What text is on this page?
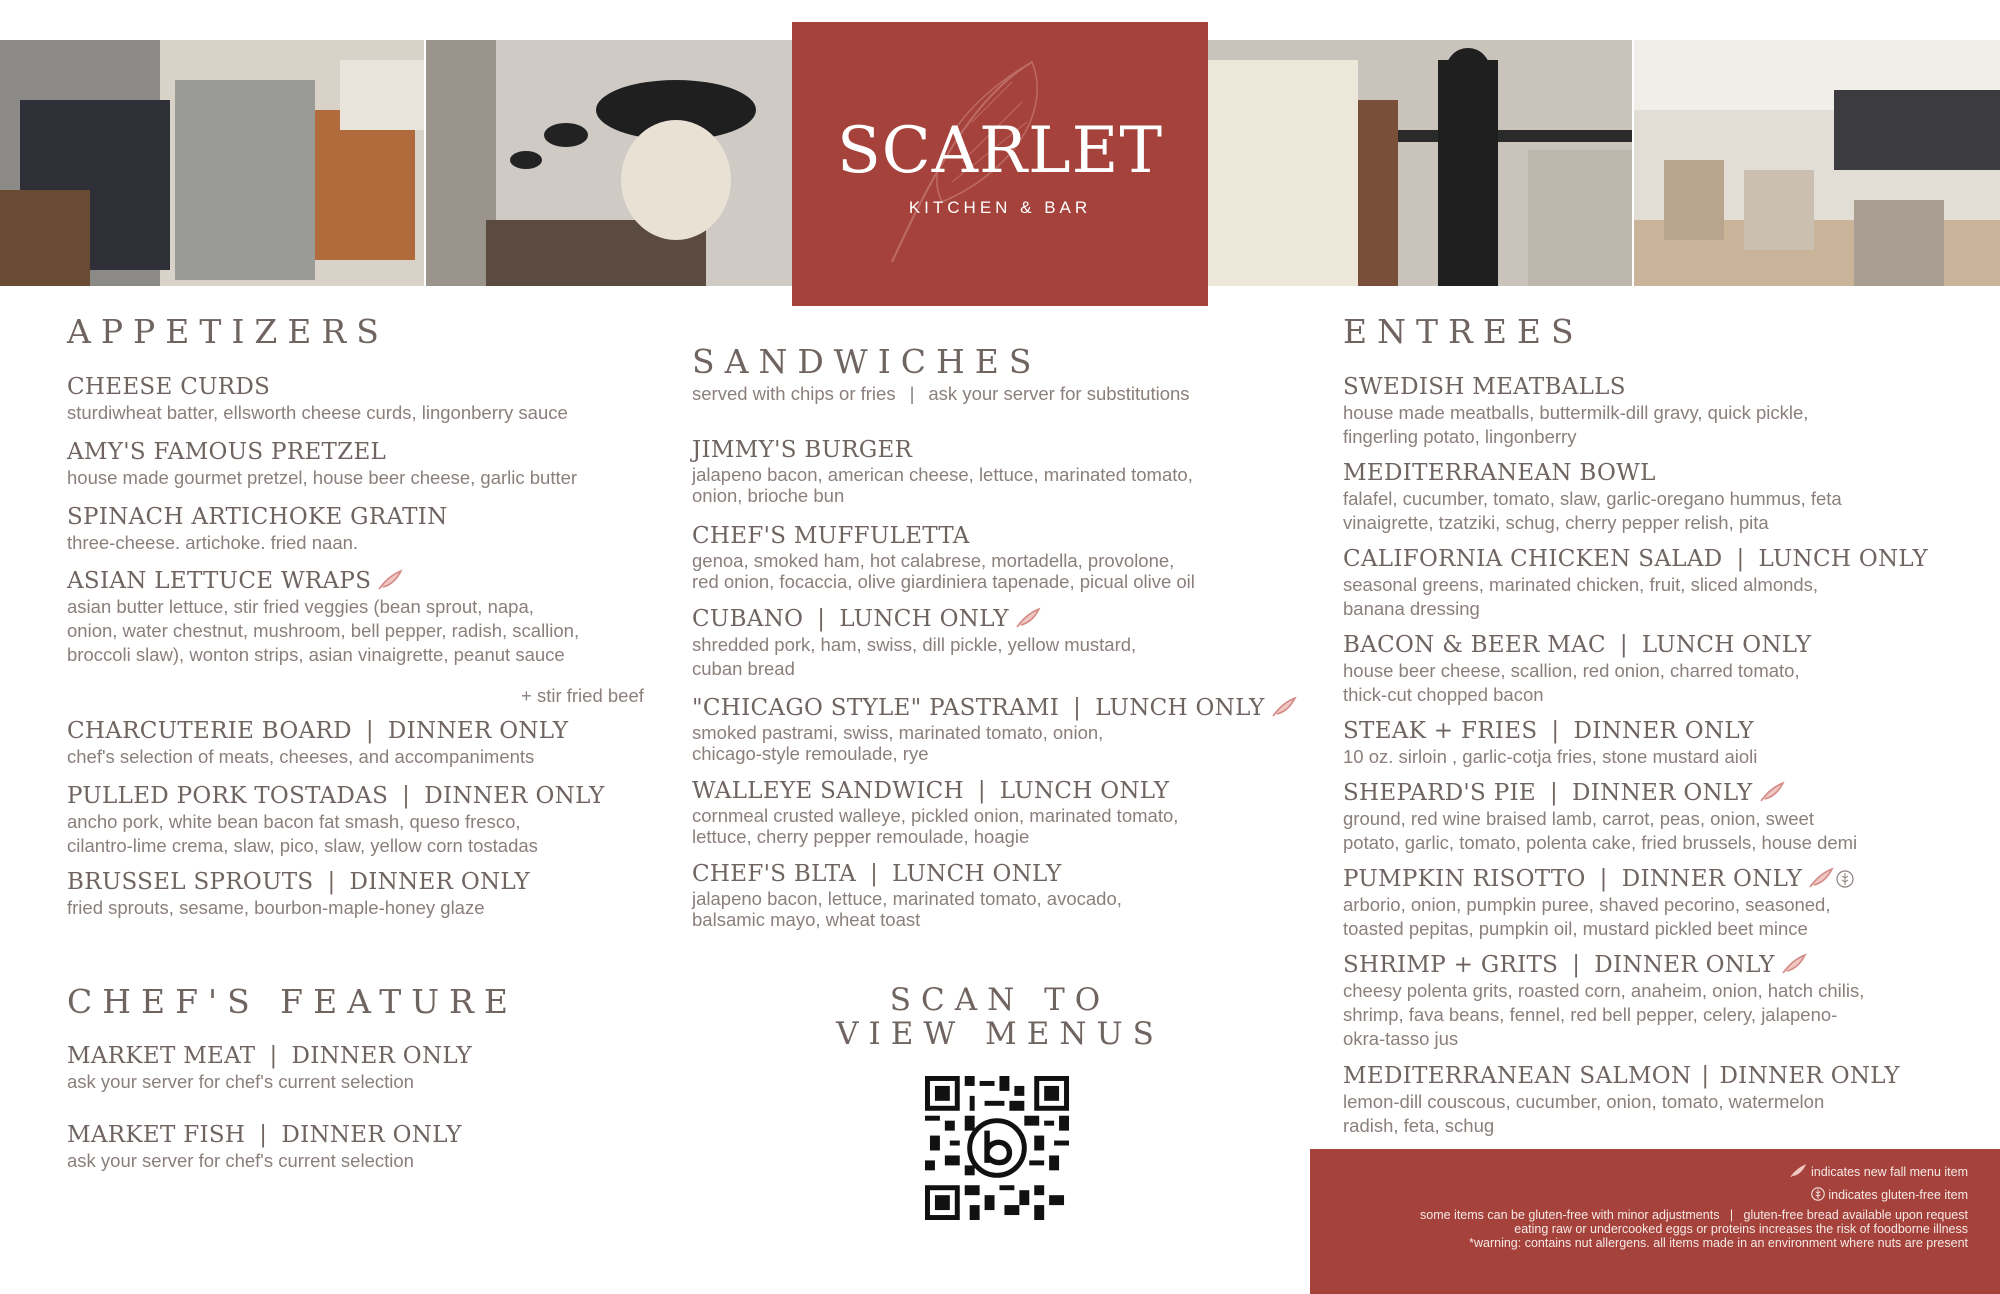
SCARLET
KITCHEN & BAR
APPETIZERS
SANDWICHES
ENTREES
CHEF'S FEATURE
served with chips or fries | ask your server for substitutions
CHEESE CURDS
sturdiwheat batter, ellsworth cheese curds, lingonberry sauce
AMY'S FAMOUS PRETZEL
house made gourmet pretzel, house beer cheese, garlic butter
SPINACH ARTICHOKE GRATIN
three-cheese. artichoke. fried naan.
ASIAN LETTUCE WRAPS
asian butter lettuce, stir fried veggies (bean sprout, napa,
onion, water chestnut, mushroom, bell pepper, radish, scallion,
broccoli slaw), wonton strips, asian vinaigrette, peanut sauce
+ stir fried beef
CHARCUTERIE BOARD | DINNER ONLY
chef's selection of meats, cheeses, and accompaniments
PULLED PORK TOSTADAS | DINNER ONLY
ancho pork, white bean bacon fat smash, queso fresco,
cilantro-lime crema, slaw, pico, slaw, yellow corn tostadas
BRUSSEL SPROUTS | DINNER ONLY
fried sprouts, sesame, bourbon-maple-honey glaze
MARKET MEAT | DINNER ONLY
ask your server for chef's current selection
MARKET FISH | DINNER ONLY
ask your server for chef's current selection
JIMMY'S BURGER
jalapeno bacon, american cheese, lettuce, marinated tomato,
onion, brioche bun
CHEF'S MUFFULETTA
genoa, smoked ham, hot calabrese, mortadella, provolone,
red onion, focaccia, olive giardiniera tapenade, picual olive oil
CUBANO | LUNCH ONLY
shredded pork, ham, swiss, dill pickle, yellow mustard,
cuban bread
"CHICAGO STYLE" PASTRAMI | LUNCH ONLY
smoked pastrami, swiss, marinated tomato, onion,
chicago-style remoulade, rye
WALLEYE SANDWICH | LUNCH ONLY
cornmeal crusted walleye, pickled onion, marinated tomato,
lettuce, cherry pepper remoulade, hoagie
CHEF'S BLTA | LUNCH ONLY
jalapeno bacon, lettuce, marinated tomato, avocado,
balsamic mayo, wheat toast
SCAN TO
VIEW MENUS
SWEDISH MEATBALLS
house made meatballs, buttermilk-dill gravy, quick pickle,
fingerling potato, lingonberry
MEDITERRANEAN BOWL
falafel, cucumber, tomato, slaw, garlic-oregano hummus, feta
vinaigrette, tzatziki, schug, cherry pepper relish, pita
CALIFORNIA CHICKEN SALAD | LUNCH ONLY
seasonal greens, marinated chicken, fruit, sliced almonds,
banana dressing
BACON & BEER MAC | LUNCH ONLY
house beer cheese, scallion, red onion, charred tomato,
thick-cut chopped bacon
STEAK + FRIES | DINNER ONLY
10 oz. sirloin , garlic-cotja fries, stone mustard aioli
SHEPARD'S PIE | DINNER ONLY
ground, red wine braised lamb, carrot, peas, onion, sweet
potato, garlic, tomato, polenta cake, fried brussels, house demi
PUMPKIN RISOTTO | DINNER ONLY
arborio, onion, pumpkin puree, shaved pecorino, seasoned,
toasted pepitas, pumpkin oil, mustard pickled beet mince
SHRIMP + GRITS | DINNER ONLY
cheesy polenta grits, roasted corn, anaheim, onion, hatch chilis,
shrimp, fava beans, fennel, red bell pepper, celery, jalapeno-
okra-tasso jus
MEDITERRANEAN SALMON | DINNER ONLY
lemon-dill couscous, cucumber, onion, tomato, watermelon
radish, feta, schug
indicates new fall menu item
indicates gluten-free item
some items can be gluten-free with minor adjustments   |   gluten-free bread available upon request
eating raw or undercooked eggs or proteins increases the risk of foodborne illness
*warning: contains nut allergens. all items made in an environment where nuts are present
